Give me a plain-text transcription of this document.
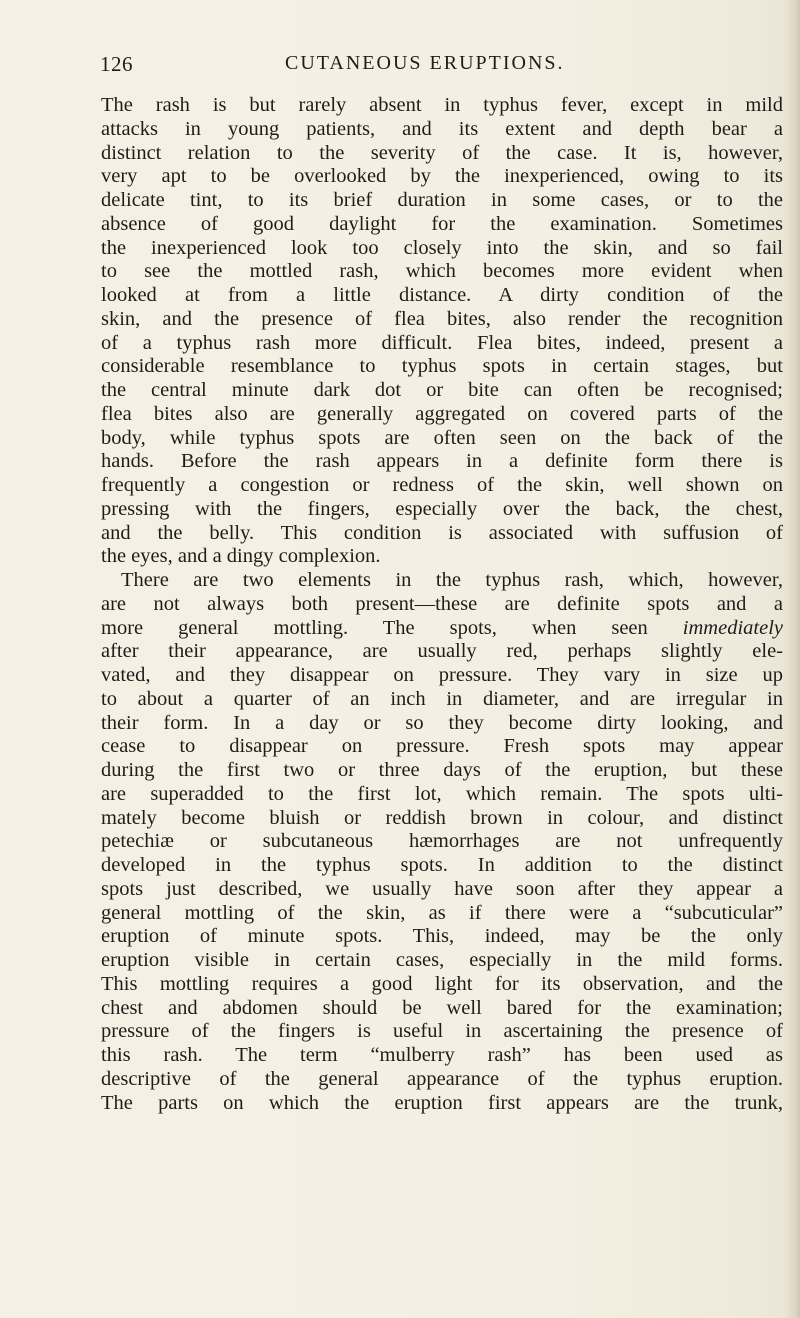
126	CUTANEOUS ERUPTIONS.
The rash is but rarely absent in typhus fever, except in mild
attacks in young patients, and its extent and depth bear a
distinct relation to the severity of the case. It is, however,
very apt to be overlooked by the inexperienced, owing to its
delicate tint, to its brief duration in some cases, or to the
absence of good daylight for the examination. Sometimes
the inexperienced look too closely into the skin, and so fail
to see the mottled rash, which becomes more evident when
looked at from a little distance. A dirty condition of the
skin, and the presence of flea bites, also render the recognition
of a typhus rash more difficult. Flea bites, indeed, present a
considerable resemblance to typhus spots in certain stages, but
the central minute dark dot or bite can often be recognised;
flea bites also are generally aggregated on covered parts of the
body, while typhus spots are often seen on the back of the
hands. Before the rash appears in a definite form there is
frequently a congestion or redness of the skin, well shown on
pressing with the fingers, especially over the back, the chest,
and the belly. This condition is associated with suffusion of
the eyes, and a dingy complexion.
There are two elements in the typhus rash, which, however,
are not always both present—these are definite spots and a
more general mottling. The spots, when seen immediately
after their appearance, are usually red, perhaps slightly ele-
vated, and they disappear on pressure. They vary in size up
to about a quarter of an inch in diameter, and are irregular in
their form. In a day or so they become dirty looking, and
cease to disappear on pressure. Fresh spots may appear
during the first two or three days of the eruption, but these
are superadded to the first lot, which remain. The spots ulti-
mately become bluish or reddish brown in colour, and distinct
petechiæ or subcutaneous hæmorrhages are not unfrequently
developed in the typhus spots. In addition to the distinct
spots just described, we usually have soon after they appear a
general mottling of the skin, as if there were a “subcuticular”
eruption of minute spots. This, indeed, may be the only
eruption visible in certain cases, especially in the mild forms.
This mottling requires a good light for its observation, and the
chest and abdomen should be well bared for the examination;
pressure of the fingers is useful in ascertaining the presence of
this rash. The term “mulberry rash” has been used as
descriptive of the general appearance of the typhus eruption.
The parts on which the eruption first appears are the trunk,
